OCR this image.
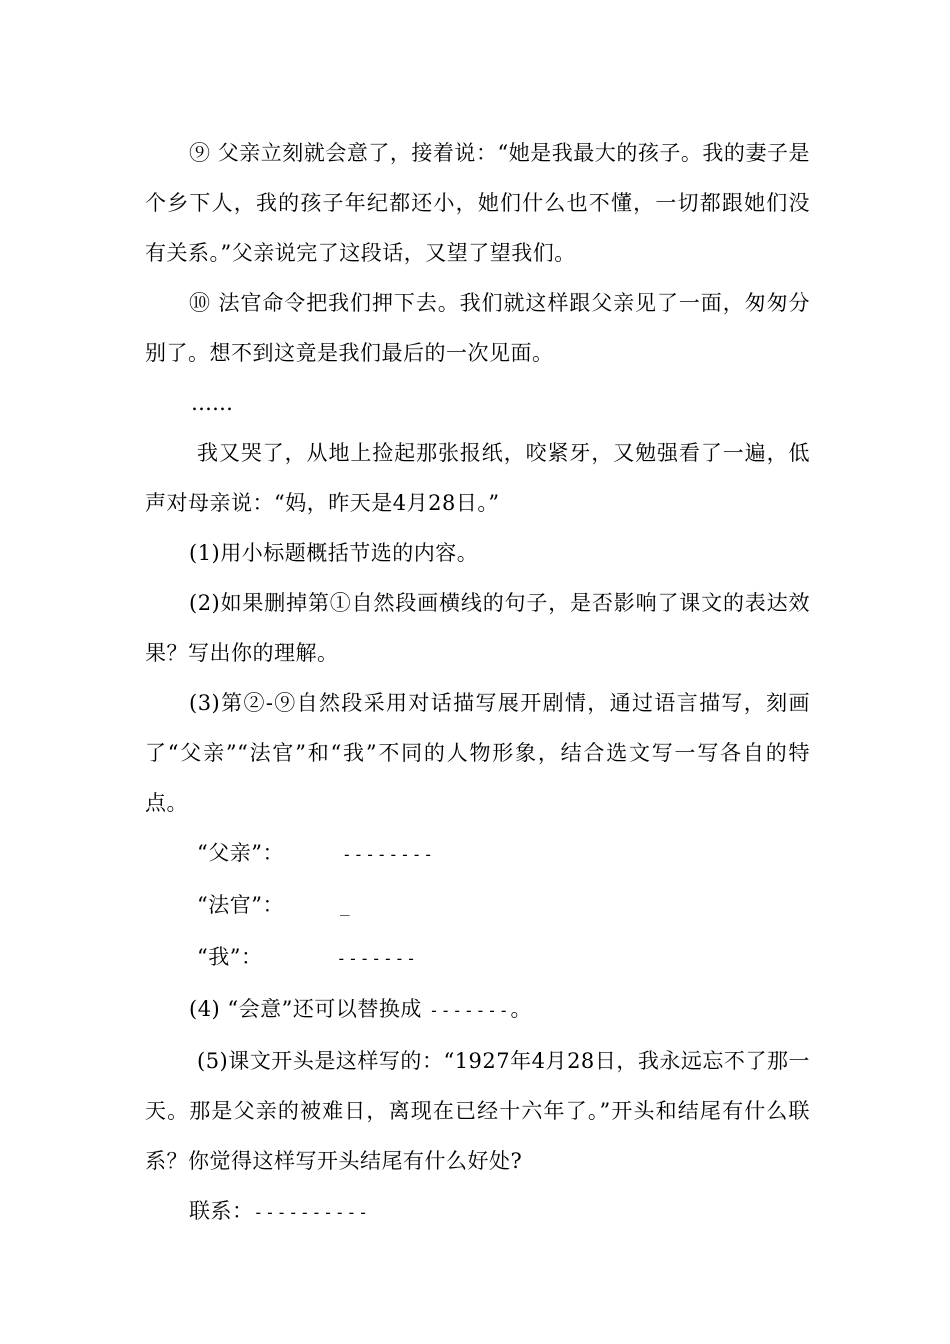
⑨ 父亲立刻就会意了，接着说：“她是我最大的孩子。我的妻子是个乡下人，我的孩子年纪都还小，她们什么也不懂，一切都跟她们没有关系。”父亲说完了这段话，又望了望我们。

⑩ 法官命令把我们押下去。我们就这样跟父亲见了一面，匆匆分别了。想不到这竟是我们最后的一次见面。

……

我又哭了，从地上捡起那张报纸，咬紧牙，又勉强看了一遍，低声对母亲说：“妈，昨天是4月28日。”

(1)用小标题概括节选的内容。

(2)如果删掉第①自然段画横线的句子，是否影响了课文的表达效果？写出你的理解。

(3)第②-⑨自然段采用对话描写展开剧情，通过语言描写，刻画了“父亲”“法官”和“我”不同的人物形象，结合选文写一写各自的特点。

“父亲”：	--------

“法官”：	_

“我”：	-------

(4) “会意”还可以替换成 -------。

(5)课文开头是这样写的：“1927年4月28日，我永远忘不了那一天。那是父亲的被难日，离现在已经十六年了。”开头和结尾有什么联系？你觉得这样写开头结尾有什么好处?

联系：----------
